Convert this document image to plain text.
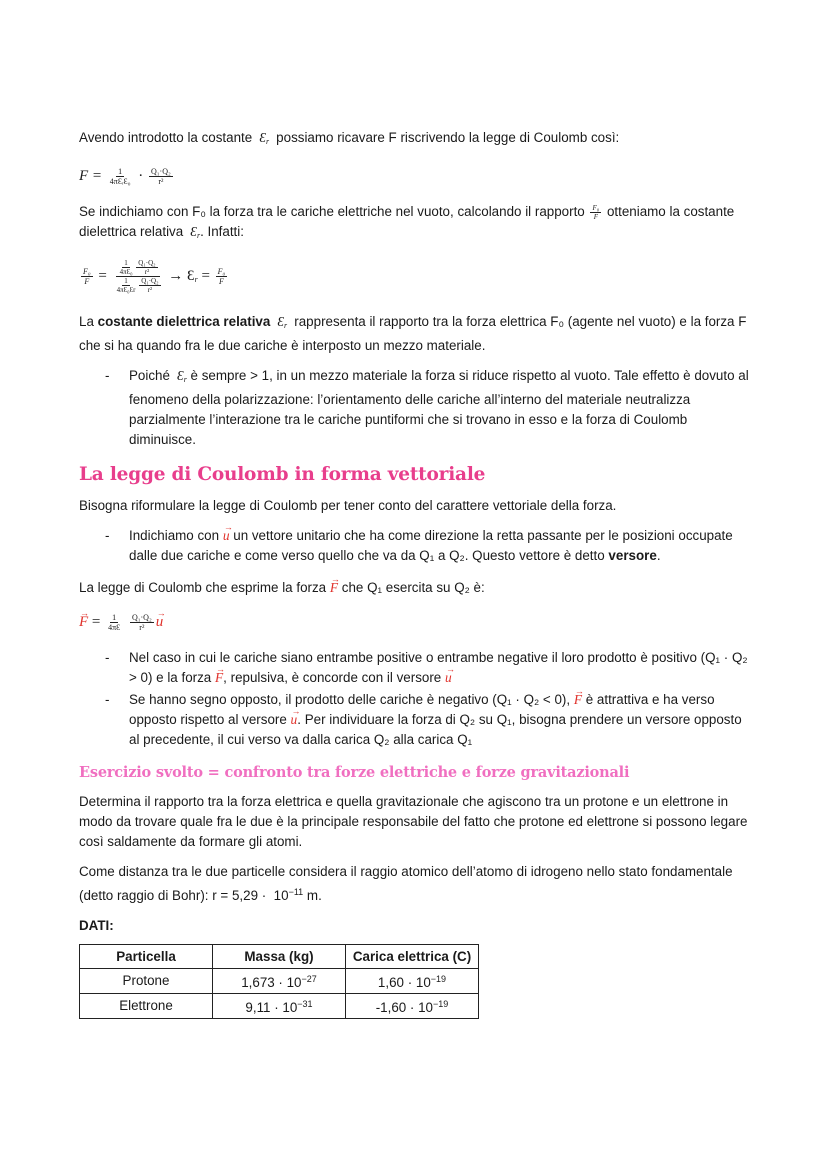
Avendo introdotto la costante $Ɛ_r$ possiamo ricavare F riscrivendo la legge di Coulomb così:

$F = \frac{1}{\text{4πƐᵣƐ₀}} \cdot \frac{\text{Q₁·Q₂}}{\text{r²}}$

Se indichiamo con F₀ la forza tra le cariche elettriche nel vuoto, calcolando il rapporto $\frac{\text{F₀}}{F}$ otteniamo la costante dielettrica relativa $Ɛ_r$. Infatti:

$\frac{\text{F₀}}{F} = \frac{1}{\text{4πƐ₀}}$
$\frac{\text{Q₁·Q₂}}{\text{r²}}$
$\frac{1}{\text{4πƐ₀Ɛr}}$
$\frac{\text{Q₁·Q₂}}{\text{r²}}$ → $Ɛ_r = \frac{\text{F₀}}{F}$

La costante dielettrica relativa $Ɛ_r$ rappresenta il rapporto tra la forza elettrica F₀ (agente nel vuoto) e la forza F che si ha quando fra le due cariche è interposto un mezzo materiale.

- Poiché $Ɛ_r$ è sempre > 1, in un mezzo materiale la forza si riduce rispetto al vuoto. Tale effetto è dovuto al fenomeno della polarizzazione: l’orientamento delle cariche all’interno del materiale neutralizza parzialmente l’interazione tra le cariche puntiformi che si trovano in esso e la forza di Coulomb diminuisce.
La legge di Coulomb in forma vettoriale

Bisogna riformulare la legge di Coulomb per tener conto del carattere vettoriale della forza.

- Indichiamo con → u un vettore unitario che ha come direzione la retta passante per le posizioni occupate dalle due cariche e come verso quello che va da Q₁ a Q₂. Questo vettore è detto versore.

La legge di Coulomb che esprime la forza → F che Q₁ esercita su Q₂ è:

→ $F = \frac{1}{4\pi Ɛ}$
$\frac{\text{Q₁·Q₂}}{\text{r²}} \to u$
- Nel caso in cui le cariche siano entrambe positive o entrambe negative il loro prodotto è positivo (Q₁ · Q₂ > 0) e la forza → F, repulsiva, è concorde con il versore → u
- Se hanno segno opposto, il prodotto delle cariche è negativo (Q₁ · Q₂ < 0), → F è attrattiva e ha verso opposto rispetto al versore → u. Per individuare la forza di Q₂ su Q₁, bisogna prendere un versore opposto al precedente, il cui verso va dalla carica Q₂ alla carica Q₁
Esercizio svolto = confronto tra forze elettriche e forze gravitazionali

Determina il rapporto tra la forza elettrica e quella gravitazionale che agiscono tra un protone e un elettrone in modo da trovare quale fra le due è la principale responsabile del fatto che protone ed elettrone si possono legare così saldamente da formare gli atomi.

Come distanza tra le due particelle considera il raggio atomico dell’atomo di idrogeno nello stato fondamentale (detto raggio di Bohr): $r = 5,29 \cdot 10^{-11}$ m.

DATI:

Particella	Massa (kg)	Carica elettrica (C)
Protone	$1,673 \cdot 10^{-27}$	$1,60 \cdot 10^{-19}$
Elettrone	$9,11 \cdot 10^{-31}$	$-1,60 \cdot 10^{-19}$
